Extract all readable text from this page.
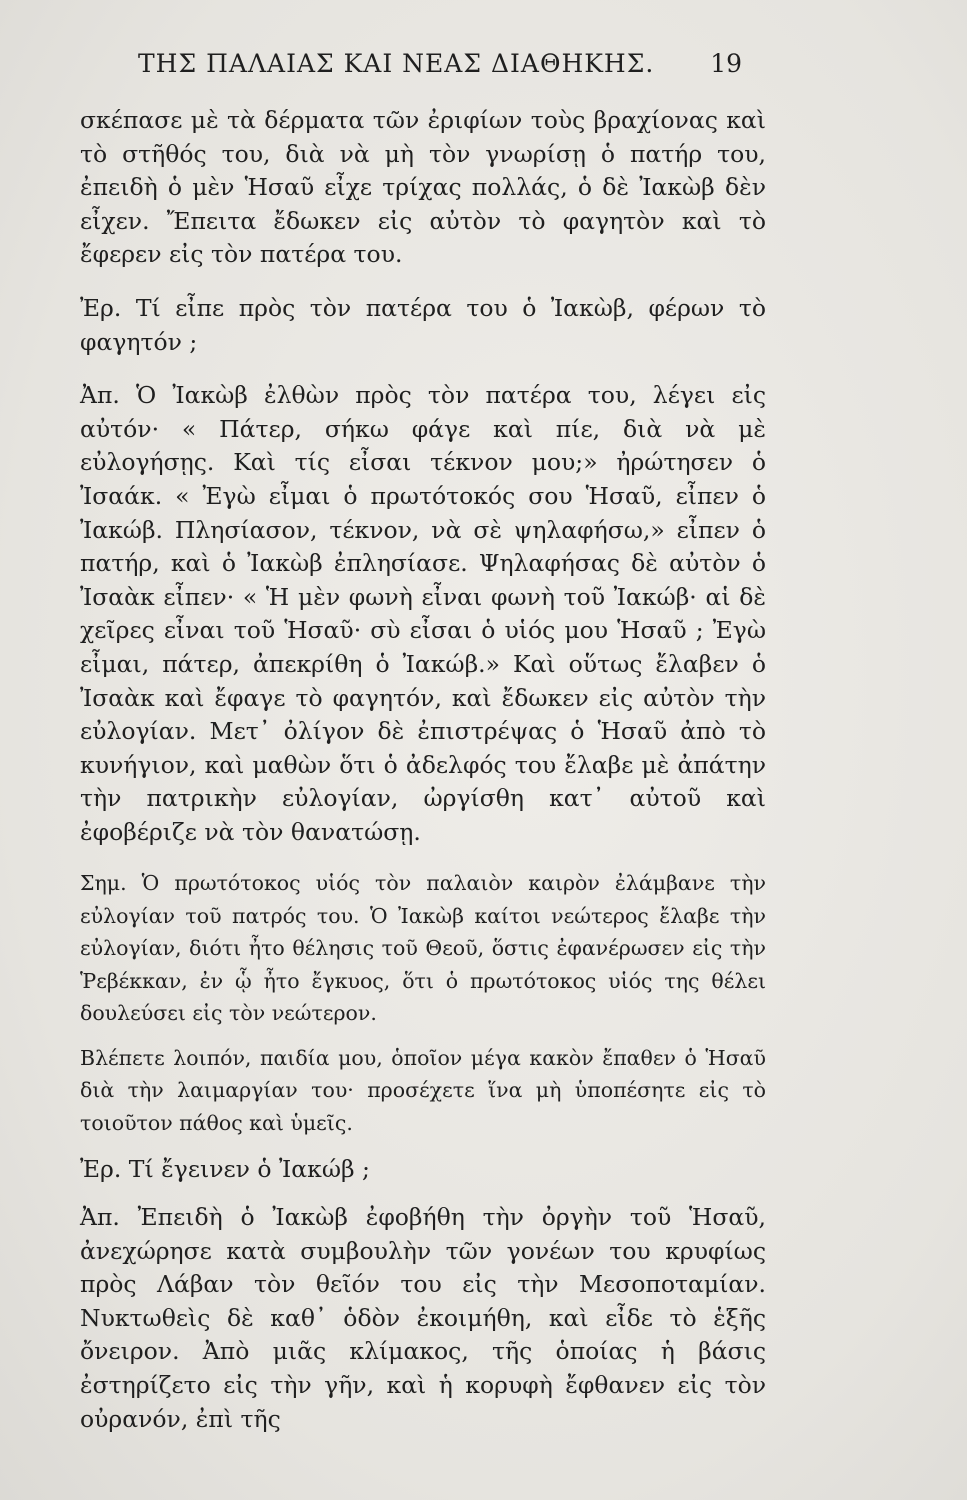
ΤΗΣ ΠΑΛΑΙΑΣ ΚΑΙ ΝΕΑΣ ΔΙΑΘΗΚΗΣ.	19

σκέπασε μὲ τὰ δέρματα τῶν ἐριφίων τοὺς βραχίονας καὶ τὸ στῆθός του, διὰ νὰ μὴ τὸν γνωρίσῃ ὁ πατήρ του, ἐπειδὴ ὁ μὲν Ἡσαῦ εἶχε τρίχας πολλάς, ὁ δὲ Ἰακὼβ δὲν εἶχεν. Ἔπειτα ἔδωκεν εἰς αὐτὸν τὸ φαγητὸν καὶ τὸ ἔφερεν εἰς τὸν πατέρα του.

Ἐρ. Τί εἶπε πρὸς τὸν πατέρα του ὁ Ἰακὼβ, φέρων τὸ φαγητόν ;

Ἀπ. Ὁ Ἰακὼβ ἐλθὼν πρὸς τὸν πατέρα του, λέγει εἰς αὐτόν· « Πάτερ, σήκω φάγε καὶ πίε, διὰ νὰ μὲ εὐλογήσῃς. Καὶ τίς εἶσαι τέκνον μου;» ἠρώτησεν ὁ Ἰσαάκ. « Ἐγὼ εἶμαι ὁ πρωτότοκός σου Ἡσαῦ, εἶπεν ὁ Ἰακώβ. Πλησίασον, τέκνον, νὰ σὲ ψηλαφήσω,» εἶπεν ὁ πατήρ, καὶ ὁ Ἰακὼβ ἐπλησίασε. Ψηλαφήσας δὲ αὐτὸν ὁ Ἰσαὰκ εἶπεν· « Ἡ μὲν φωνὴ εἶναι φωνὴ τοῦ Ἰακώβ· αἱ δὲ χεῖρες εἶναι τοῦ Ἡσαῦ· σὺ εἶσαι ὁ υἱός μου Ἡσαῦ ; Ἐγὼ εἶμαι, πάτερ, ἀπεκρίθη ὁ Ἰακώβ.» Καὶ οὕτως ἔλαβεν ὁ Ἰσαὰκ καὶ ἔφαγε τὸ φαγητόν, καὶ ἔδωκεν εἰς αὐτὸν τὴν εὐλογίαν. Μετ᾽ ὀλίγον δὲ ἐπιστρέψας ὁ Ἡσαῦ ἀπὸ τὸ κυνήγιον, καὶ μαθὼν ὅτι ὁ ἀδελφός του ἔλαβε μὲ ἀπάτην τὴν πατρικὴν εὐλογίαν, ὠργίσθη κατ᾽ αὐτοῦ καὶ ἐφοβέριζε νὰ τὸν θανατώσῃ.

Σημ. Ὁ πρωτότοκος υἱός τὸν παλαιὸν καιρὸν ἐλάμβανε τὴν εὐλογίαν τοῦ πατρός του. Ὁ Ἰακὼβ καίτοι νεώτερος ἔλαβε τὴν εὐλογίαν, διότι ἦτο θέλησις τοῦ Θεοῦ, ὅστις ἐφανέρωσεν εἰς τὴν Ῥεβέκκαν, ἐν ᾧ ἦτο ἔγκυος, ὅτι ὁ πρωτότοκος υἱός της θέλει δουλεύσει εἰς τὸν νεώτερον.

Βλέπετε λοιπόν, παιδία μου, ὁποῖον μέγα κακὸν ἔπαθεν ὁ Ἡσαῦ διὰ τὴν λαιμαργίαν του· προσέχετε ἵνα μὴ ὑποπέσητε εἰς τὸ τοιοῦτον πάθος καὶ ὑμεῖς.

Ἐρ. Τί ἔγεινεν ὁ Ἰακώβ ;

Ἀπ. Ἐπειδὴ ὁ Ἰακὼβ ἐφοβήθη τὴν ὀργὴν τοῦ Ἡσαῦ, ἀνεχώρησε κατὰ συμβουλὴν τῶν γονέων του κρυφίως πρὸς Λάβαν τὸν θεῖόν του εἰς τὴν Μεσοποταμίαν. Νυκτωθεὶς δὲ καθ᾽ ὁδὸν ἐκοιμήθη, καὶ εἶδε τὸ ἑξῆς ὄνειρον. Ἀπὸ μιᾶς κλίμακος, τῆς ὁποίας ἡ βάσις ἐστηρίζετο εἰς τὴν γῆν, καὶ ἡ κορυφὴ ἔφθανεν εἰς τὸν οὐρανόν, ἐπὶ τῆς
